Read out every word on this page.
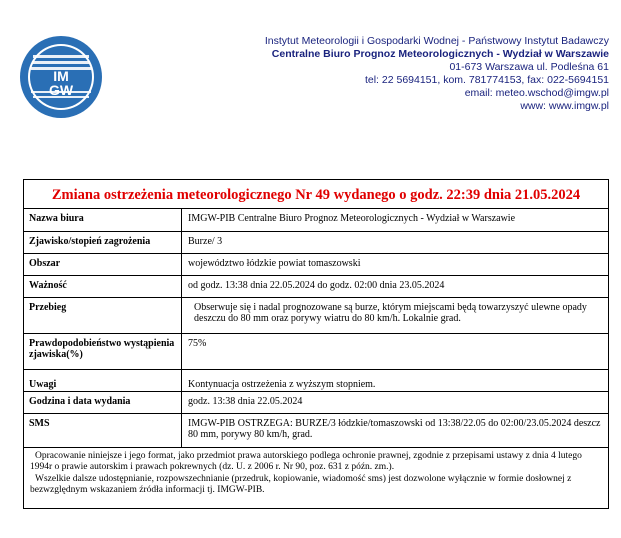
IM
GW
Instytut Meteorologii i Gospodarki Wodnej - Państwowy Instytut Badawczy
Centralne Biuro Prognoz Meteorologicznych - Wydział w Warszawie
01-673 Warszawa ul. Podleśna 61
tel: 22 5694151, kom. 781774153, fax: 022-5694151
email: meteo.wschod@imgw.pl
www: www.imgw.pl
Zmiana ostrzeżenia meteorologicznego Nr 49 wydanego o godz. 22:39 dnia 21.05.2024
Nazwa biura	IMGW-PIB Centralne Biuro Prognoz Meteorologicznych - Wydział w Warszawie
Zjawisko/stopień zagrożenia	Burze/ 3
Obszar	województwo łódzkie powiat tomaszowski
Ważność	od godz. 13:38 dnia 22.05.2024 do godz. 02:00 dnia 23.05.2024
Przebieg	Obserwuje się i nadal prognozowane są burze, którym miejscami będą towarzyszyć ulewne opady deszczu do 80 mm oraz porywy wiatru do 80 km/h. Lokalnie grad.
Prawdopodobieństwo wystąpienia zjawiska(%)	75%
Uwagi	Kontynuacja ostrzeżenia z wyższym stopniem.
Godzina i data wydania	godz. 13:38 dnia 22.05.2024
SMS	IMGW-PIB OSTRZEGA: BURZE/3 łódzkie/tomaszowski od 13:38/22.05 do 02:00/23.05.2024 deszcz 80 mm, porywy 80 km/h, grad.
Opracowanie niniejsze i jego format, jako przedmiot prawa autorskiego podlega ochronie prawnej, zgodnie z przepisami ustawy z dnia 4 lutego 1994r o prawie autorskim i prawach pokrewnych (dz. U. z 2006 r. Nr 90, poz. 631 z późn. zm.).
Wszelkie dalsze udostępnianie, rozpowszechnianie (przedruk, kopiowanie, wiadomość sms) jest dozwolone wyłącznie w formie dosłownej z bezwzględnym wskazaniem źródła informacji tj. IMGW-PIB.
